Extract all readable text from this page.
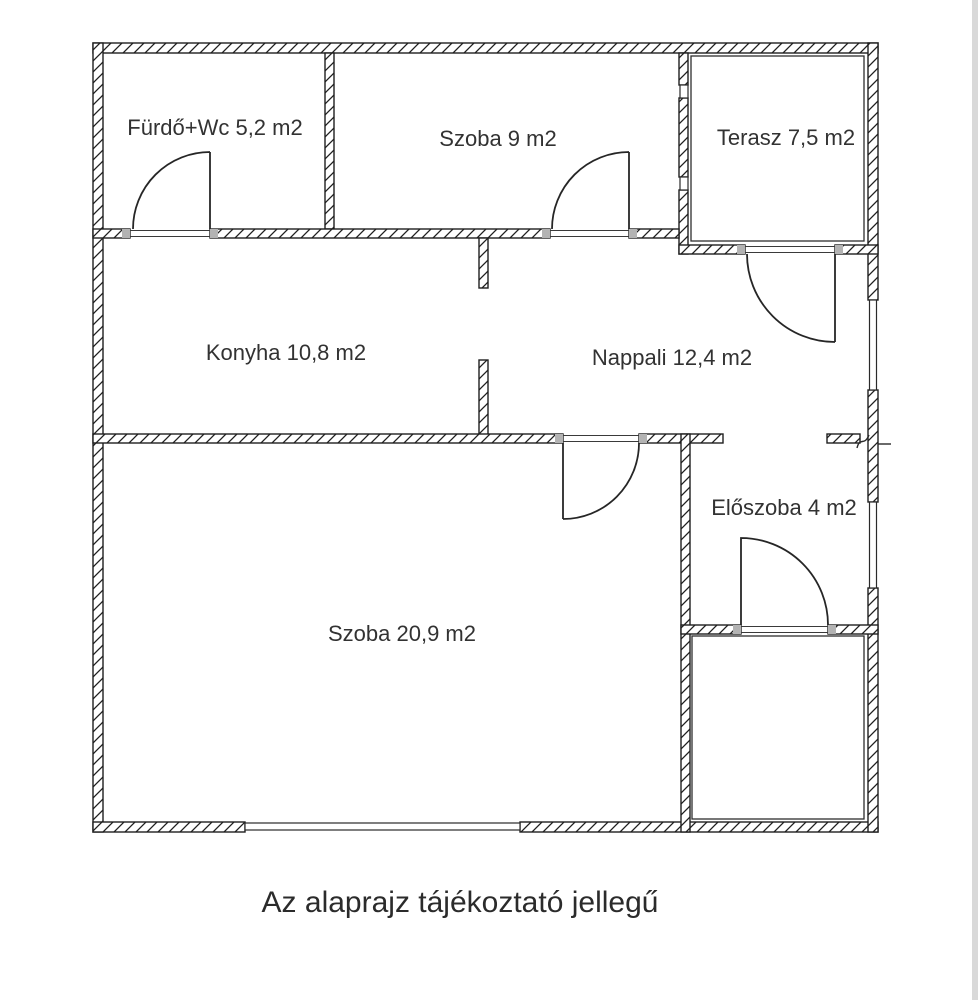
Fürdő+Wc 5,2 m2	Szoba 9 m2	Terasz 7,5 m2
Konyha 10,8 m2	Nappali 12,4 m2
Előszoba 4 m2
Szoba 20,9 m2
Az alaprajz tájékoztató jellegű
